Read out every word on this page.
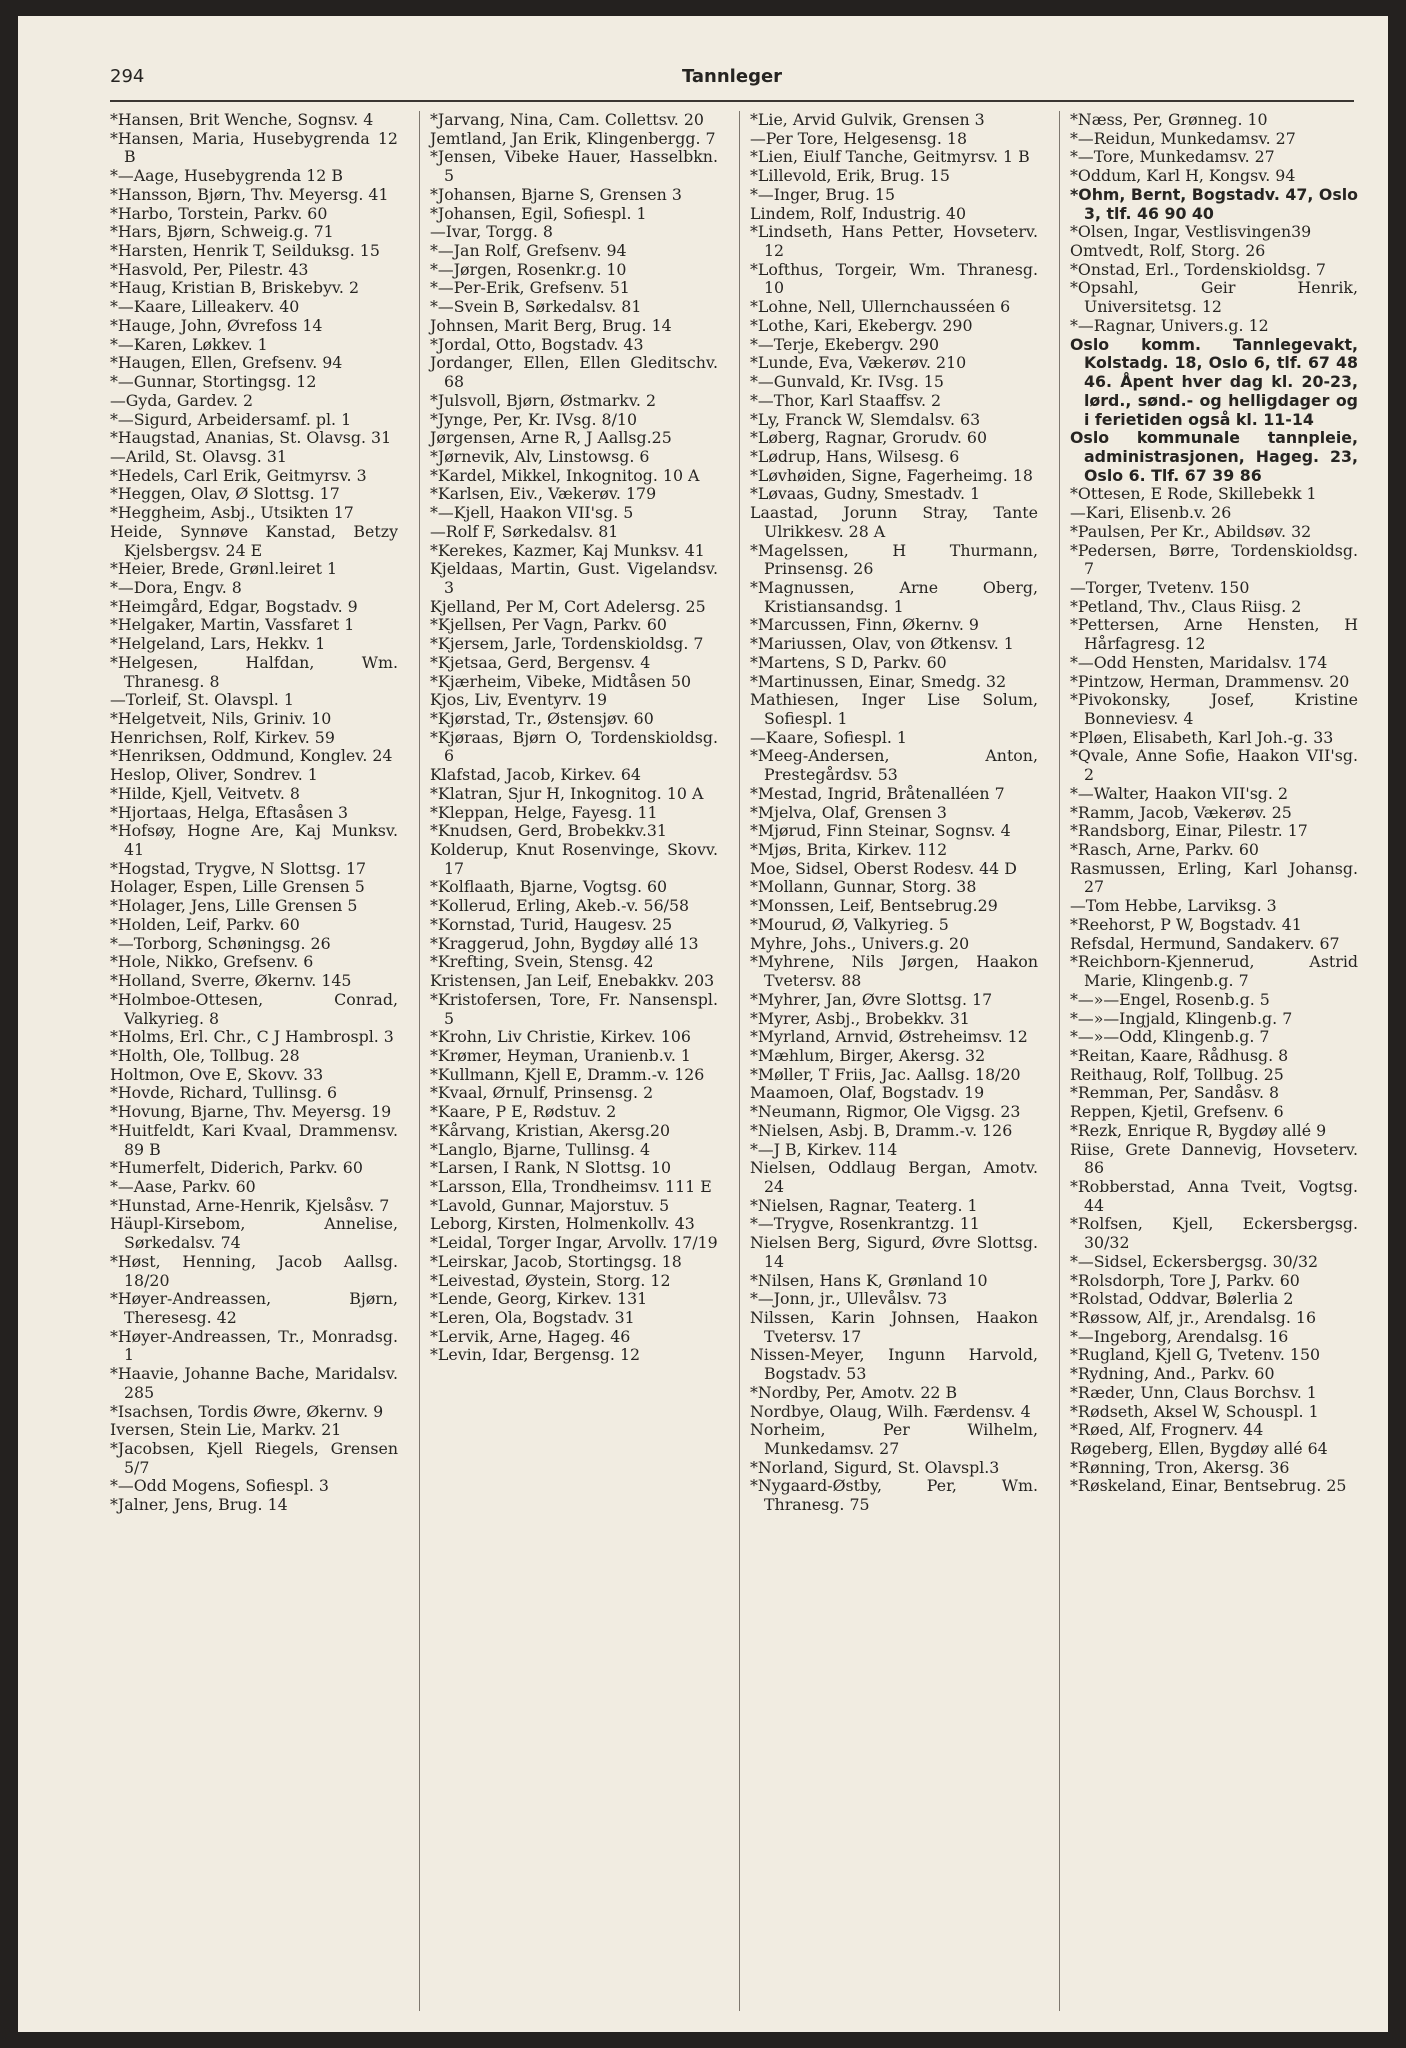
294	Tannleger
*Hansen, Brit Wenche, Sognsv. 4
*Hansen, Maria, Husebygrenda 12 B
*—Aage, Husebygrenda 12 B
*Hansson, Bjørn, Thv. Meyersg. 41
*Harbo, Torstein, Parkv. 60
*Hars, Bjørn, Schweig.g. 71
*Harsten, Henrik T, Seilduksg. 15
*Hasvold, Per, Pilestr. 43
*Haug, Kristian B, Briskebyv. 2
*—Kaare, Lilleakerv. 40
*Hauge, John, Øvrefoss 14
*—Karen, Løkkev. 1
*Haugen, Ellen, Grefsenv. 94
*—Gunnar, Stortingsg. 12
—Gyda, Gardev. 2
*—Sigurd, Arbeidersamf. pl. 1
*Haugstad, Ananias, St. Olavsg. 31
—Arild, St. Olavsg. 31
*Hedels, Carl Erik, Geitmyrsv. 3
*Heggen, Olav, Ø Slottsg. 17
*Heggheim, Asbj., Utsikten 17
Heide, Synnøve Kanstad, Betzy Kjelsbergsv. 24 E
*Heier, Brede, Grønl.leiret 1
*—Dora, Engv. 8
*Heimgård, Edgar, Bogstadv. 9
*Helgaker, Martin, Vassfaret 1
*Helgeland, Lars, Hekkv. 1
*Helgesen, Halfdan, Wm. Thranesg. 8
—Torleif, St. Olavspl. 1
*Helgetveit, Nils, Griniv. 10
Henrichsen, Rolf, Kirkev. 59
*Henriksen, Oddmund, Konglev. 24
Heslop, Oliver, Sondrev. 1
*Hilde, Kjell, Veitvetv. 8
*Hjortaas, Helga, Eftasåsen 3
*Hofsøy, Hogne Are, Kaj Munksv. 41
*Hogstad, Trygve, N Slottsg. 17
Holager, Espen, Lille Grensen 5
*Holager, Jens, Lille Grensen 5
*Holden, Leif, Parkv. 60
*—Torborg, Schøningsg. 26
*Hole, Nikko, Grefsenv. 6
*Holland, Sverre, Økernv. 145
*Holmboe-Ottesen, Conrad, Valkyrieg. 8
*Holms, Erl. Chr., C J Hambrospl. 3
*Holth, Ole, Tollbug. 28
Holtmon, Ove E, Skovv. 33
*Hovde, Richard, Tullinsg. 6
*Hovung, Bjarne, Thv. Meyersg. 19
*Huitfeldt, Kari Kvaal, Drammensv. 89 B
*Humerfelt, Diderich, Parkv. 60
*—Aase, Parkv. 60
*Hunstad, Arne-Henrik, Kjelsåsv. 7
Häupl-Kirsebom, Annelise, Sørkedalsv. 74
*Høst, Henning, Jacob Aallsg. 18/20
*Høyer-Andreassen, Bjørn, Theresesg. 42
*Høyer-Andreassen, Tr., Monradsg. 1
*Haavie, Johanne Bache, Maridalsv. 285
*Isachsen, Tordis Øwre, Økernv. 9
Iversen, Stein Lie, Markv. 21
*Jacobsen, Kjell Riegels, Grensen 5/7
*—Odd Mogens, Sofiespl. 3
*Jalner, Jens, Brug. 14
*Jarvang, Nina, Cam. Collettsv. 20
Jemtland, Jan Erik, Klingenbergg. 7
*Jensen, Vibeke Hauer, Hasselbkn. 5
*Johansen, Bjarne S, Grensen 3
*Johansen, Egil, Sofiespl. 1
—Ivar, Torgg. 8
*—Jan Rolf, Grefsenv. 94
*—Jørgen, Rosenkr.g. 10
*—Per-Erik, Grefsenv. 51
*—Svein B, Sørkedalsv. 81
Johnsen, Marit Berg, Brug. 14
*Jordal, Otto, Bogstadv. 43
Jordanger, Ellen, Ellen Gleditschv. 68
*Julsvoll, Bjørn, Østmarkv. 2
*Jynge, Per, Kr. IVsg. 8/10
Jørgensen, Arne R, J Aallsg.25
*Jørnevik, Alv, Linstowsg. 6
*Kardel, Mikkel, Inkognitog. 10 A
*Karlsen, Eiv., Vækerøv. 179
*—Kjell, Haakon VII'sg. 5
—Rolf F, Sørkedalsv. 81
*Kerekes, Kazmer, Kaj Munksv. 41
Kjeldaas, Martin, Gust. Vigelandsv. 3
Kjelland, Per M, Cort Adelersg. 25
*Kjellsen, Per Vagn, Parkv. 60
*Kjersem, Jarle, Tordenskioldsg. 7
*Kjetsaa, Gerd, Bergensv. 4
*Kjærheim, Vibeke, Midtåsen 50
Kjos, Liv, Eventyrv. 19
*Kjørstad, Tr., Østensjøv. 60
*Kjøraas, Bjørn O, Tordenskioldsg. 6
Klafstad, Jacob, Kirkev. 64
*Klatran, Sjur H, Inkognitog. 10 A
*Kleppan, Helge, Fayesg. 11
*Knudsen, Gerd, Brobekkv.31
Kolderup, Knut Rosenvinge, Skovv. 17
*Kolflaath, Bjarne, Vogtsg. 60
*Kollerud, Erling, Akeb.-v. 56/58
*Kornstad, Turid, Haugesv. 25
*Kraggerud, John, Bygdøy allé 13
*Krefting, Svein, Stensg. 42
Kristensen, Jan Leif, Enebakkv. 203
*Kristofersen, Tore, Fr. Nansenspl. 5
*Krohn, Liv Christie, Kirkev. 106
*Krømer, Heyman, Uranienb.v. 1
*Kullmann, Kjell E, Dramm.-v. 126
*Kvaal, Ørnulf, Prinsensg. 2
*Kaare, P E, Rødstuv. 2
*Kårvang, Kristian, Akersg.20
*Langlo, Bjarne, Tullinsg. 4
*Larsen, I Rank, N Slottsg. 10
*Larsson, Ella, Trondheimsv. 111 E
*Lavold, Gunnar, Majorstuv. 5
Leborg, Kirsten, Holmenkollv. 43
*Leidal, Torger Ingar, Arvollv. 17/19
*Leirskar, Jacob, Stortingsg. 18
*Leivestad, Øystein, Storg. 12
*Lende, Georg, Kirkev. 131
*Leren, Ola, Bogstadv. 31
*Lervik, Arne, Hageg. 46
*Levin, Idar, Bergensg. 12
*Lie, Arvid Gulvik, Grensen 3
—Per Tore, Helgesensg. 18
*Lien, Eiulf Tanche, Geitmyrsv. 1 B
*Lillevold, Erik, Brug. 15
*—Inger, Brug. 15
Lindem, Rolf, Industrig. 40
*Lindseth, Hans Petter, Hovseterv. 12
*Lofthus, Torgeir, Wm. Thranesg. 10
*Lohne, Nell, Ullernchausséen 6
*Lothe, Kari, Ekebergv. 290
*—Terje, Ekebergv. 290
*Lunde, Eva, Vækerøv. 210
*—Gunvald, Kr. IVsg. 15
*—Thor, Karl Staaffsv. 2
*Ly, Franck W, Slemdalsv. 63
*Løberg, Ragnar, Grorudv. 60
*Lødrup, Hans, Wilsesg. 6
*Løvhøiden, Signe, Fagerheimg. 18
*Løvaas, Gudny, Smestadv. 1
Laastad, Jorunn Stray, Tante Ulrikkesv. 28 A
*Magelssen, H Thurmann, Prinsensg. 26
*Magnussen, Arne Oberg, Kristiansandsg. 1
*Marcussen, Finn, Økernv. 9
*Mariussen, Olav, von Øtkensv. 1
*Martens, S D, Parkv. 60
*Martinussen, Einar, Smedg. 32
Mathiesen, Inger Lise Solum, Sofiespl. 1
—Kaare, Sofiespl. 1
*Meeg-Andersen, Anton, Prestegårdsv. 53
*Mestad, Ingrid, Bråtenalléen 7
*Mjelva, Olaf, Grensen 3
*Mjørud, Finn Steinar, Sognsv. 4
*Mjøs, Brita, Kirkev. 112
Moe, Sidsel, Oberst Rodesv. 44 D
*Mollann, Gunnar, Storg. 38
*Monssen, Leif, Bentsebrug.29
*Mourud, Ø, Valkyrieg. 5
Myhre, Johs., Univers.g. 20
*Myhrene, Nils Jørgen, Haakon Tvetersv. 88
*Myhrer, Jan, Øvre Slottsg. 17
*Myrer, Asbj., Brobekkv. 31
*Myrland, Arnvid, Østreheimsv. 12
*Mæhlum, Birger, Akersg. 32
*Møller, T Friis, Jac. Aallsg. 18/20
Maamoen, Olaf, Bogstadv. 19
*Neumann, Rigmor, Ole Vigsg. 23
*Nielsen, Asbj. B, Dramm.-v. 126
*—J B, Kirkev. 114
Nielsen, Oddlaug Bergan, Amotv. 24
*Nielsen, Ragnar, Teaterg. 1
*—Trygve, Rosenkrantzg. 11
Nielsen Berg, Sigurd, Øvre Slottsg. 14
*Nilsen, Hans K, Grønland 10
*—Jonn, jr., Ullevålsv. 73
Nilssen, Karin Johnsen, Haakon Tvetersv. 17
Nissen-Meyer, Ingunn Harvold, Bogstadv. 53
*Nordby, Per, Amotv. 22 B
Nordbye, Olaug, Wilh. Færdensv. 4
Norheim, Per Wilhelm, Munkedamsv. 27
*Norland, Sigurd, St. Olavspl.3
*Nygaard-Østby, Per, Wm. Thranesg. 75
*Næss, Per, Grønneg. 10
*—Reidun, Munkedamsv. 27
*—Tore, Munkedamsv. 27
*Oddum, Karl H, Kongsv. 94
*Ohm, Bernt, Bogstadv. 47, Oslo 3, tlf. 46 90 40
*Olsen, Ingar, Vestlisvingen39
Omtvedt, Rolf, Storg. 26
*Onstad, Erl., Tordenskioldsg. 7
*Opsahl, Geir Henrik, Universitetsg. 12
*—Ragnar, Univers.g. 12
Oslo komm. Tannlegevakt, Kolstadg. 18, Oslo 6, tlf. 67 48 46. Åpent hver dag kl. 20-23, lørd., sønd.- og helligdager og i ferietiden også kl. 11-14
Oslo kommunale tannpleie, administrasjonen, Hageg. 23, Oslo 6. Tlf. 67 39 86
*Ottesen, E Rode, Skillebekk 1
—Kari, Elisenb.v. 26
*Paulsen, Per Kr., Abildsøv. 32
*Pedersen, Børre, Tordenskioldsg. 7
—Torger, Tvetenv. 150
*Petland, Thv., Claus Riisg. 2
*Pettersen, Arne Hensten, H Hårfagresg. 12
*—Odd Hensten, Maridalsv. 174
*Pintzow, Herman, Drammensv. 20
*Pivokonsky, Josef, Kristine Bonneviesv. 4
*Pløen, Elisabeth, Karl Joh.-g. 33
*Qvale, Anne Sofie, Haakon VII'sg. 2
*—Walter, Haakon VII'sg. 2
*Ramm, Jacob, Vækerøv. 25
*Randsborg, Einar, Pilestr. 17
*Rasch, Arne, Parkv. 60
Rasmussen, Erling, Karl Johansg. 27
—Tom Hebbe, Larviksg. 3
*Reehorst, P W, Bogstadv. 41
Refsdal, Hermund, Sandakerv. 67
*Reichborn-Kjennerud, Astrid Marie, Klingenb.g. 7
*—»—Engel, Rosenb.g. 5
*—»—Ingjald, Klingenb.g. 7
*—»—Odd, Klingenb.g. 7
*Reitan, Kaare, Rådhusg. 8
Reithaug, Rolf, Tollbug. 25
*Remman, Per, Sandåsv. 8
Reppen, Kjetil, Grefsenv. 6
*Rezk, Enrique R, Bygdøy allé 9
Riise, Grete Dannevig, Hovseterv. 86
*Robberstad, Anna Tveit, Vogtsg. 44
*Rolfsen, Kjell, Eckersbergsg. 30/32
*—Sidsel, Eckersbergsg. 30/32
*Rolsdorph, Tore J, Parkv. 60
*Rolstad, Oddvar, Bølerlia 2
*Røssow, Alf, jr., Arendalsg. 16
*—Ingeborg, Arendalsg. 16
*Rugland, Kjell G, Tvetenv. 150
*Rydning, And., Parkv. 60
*Ræder, Unn, Claus Borchsv. 1
*Rødseth, Aksel W, Schouspl. 1
*Røed, Alf, Frognerv. 44
Røgeberg, Ellen, Bygdøy allé 64
*Rønning, Tron, Akersg. 36
*Røskeland, Einar, Bentsebrug. 25
